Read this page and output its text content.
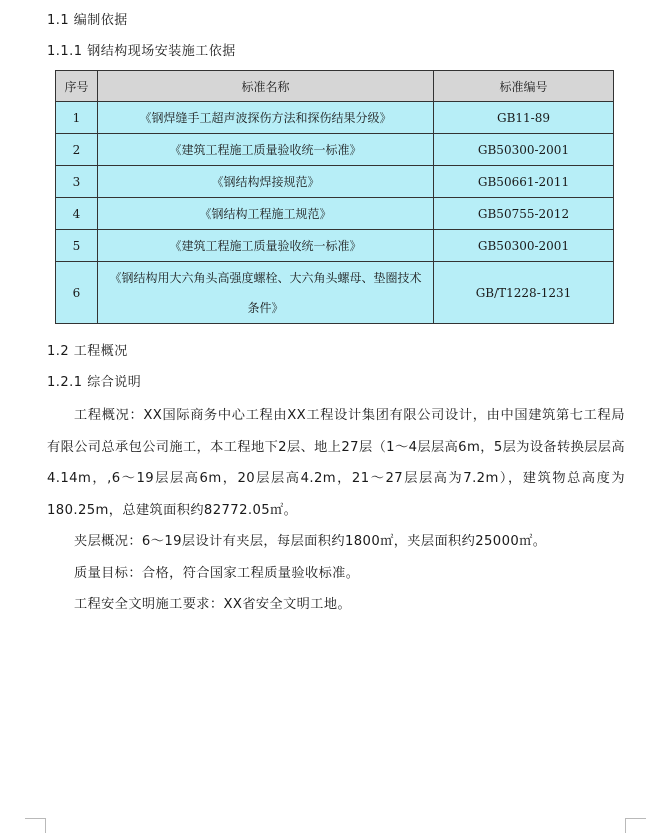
1.1 编制依据
1.1.1 钢结构现场安装施工依据
序号	标准名称	标准编号
1	《钢焊缝手工超声波探伤方法和探伤结果分级》	GB11-89
2	《建筑工程施工质量验收统一标准》	GB50300-2001
3	《钢结构焊接规范》	GB50661-2011
4	《钢结构工程施工规范》	GB50755-2012
5	《建筑工程施工质量验收统一标准》	GB50300-2001
6	《钢结构用大六角头高强度螺栓、大六角头螺母、垫圈技术条件》	GB/T1228-1231
1.2 工程概况
1.2.1 综合说明
工程概况：XX国际商务中心工程由XX工程设计集团有限公司设计，由中国建筑第七工程局有限公司总承包公司施工，本工程地下2层、地上27层（1～4层层高6m，5层为设备转换层层高4.14m，,6～19层层高6m，20层层高4.2m，21～27层层高为7.2m），建筑物总高度为180.25m，总建筑面积约82772.05㎡。
夹层概况：6～19层设计有夹层，每层面积约1800㎡，夹层面积约25000㎡。
质量目标：合格，符合国家工程质量验收标准。
工程安全文明施工要求：XX省安全文明工地。
